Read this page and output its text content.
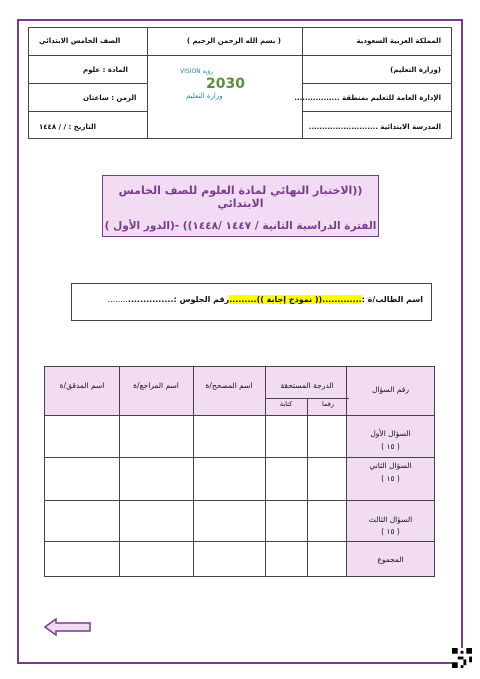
المملكة العربية السعودية
( بسم الله الرحمن الرحيم )
الصف الخامس الابتدائي
(وزارة التعليم)
المادة : علوم
الإدارة العامة للتعليم بمنطقة .................
الزمن : ساعتان
المدرسة الابتدائية ..........................
التاريخ : / / ١٤٤٨
VISION رؤية
2030
وزارة التعليم
((الاختبار النهائي لمادة العلوم للصف الخامس الابتدائي
الفترة الدراسية الثانية / ١٤٤٧ /١٤٤٨)) -(الدور الأول )
اسم الطالب/ة :.............(( نموذج إجابة )).........رقم الجلوس :.......................
رقم السؤال
الدرجة المستحقة
رقما
كتابة
اسم المصحح/ة
اسم المراجع/ة
اسم المدقق/ة
السؤال الأول
( ١٥ )
السؤال الثاني
( ١٥ )
السؤال الثالث
( ١٥ )
المجموع
